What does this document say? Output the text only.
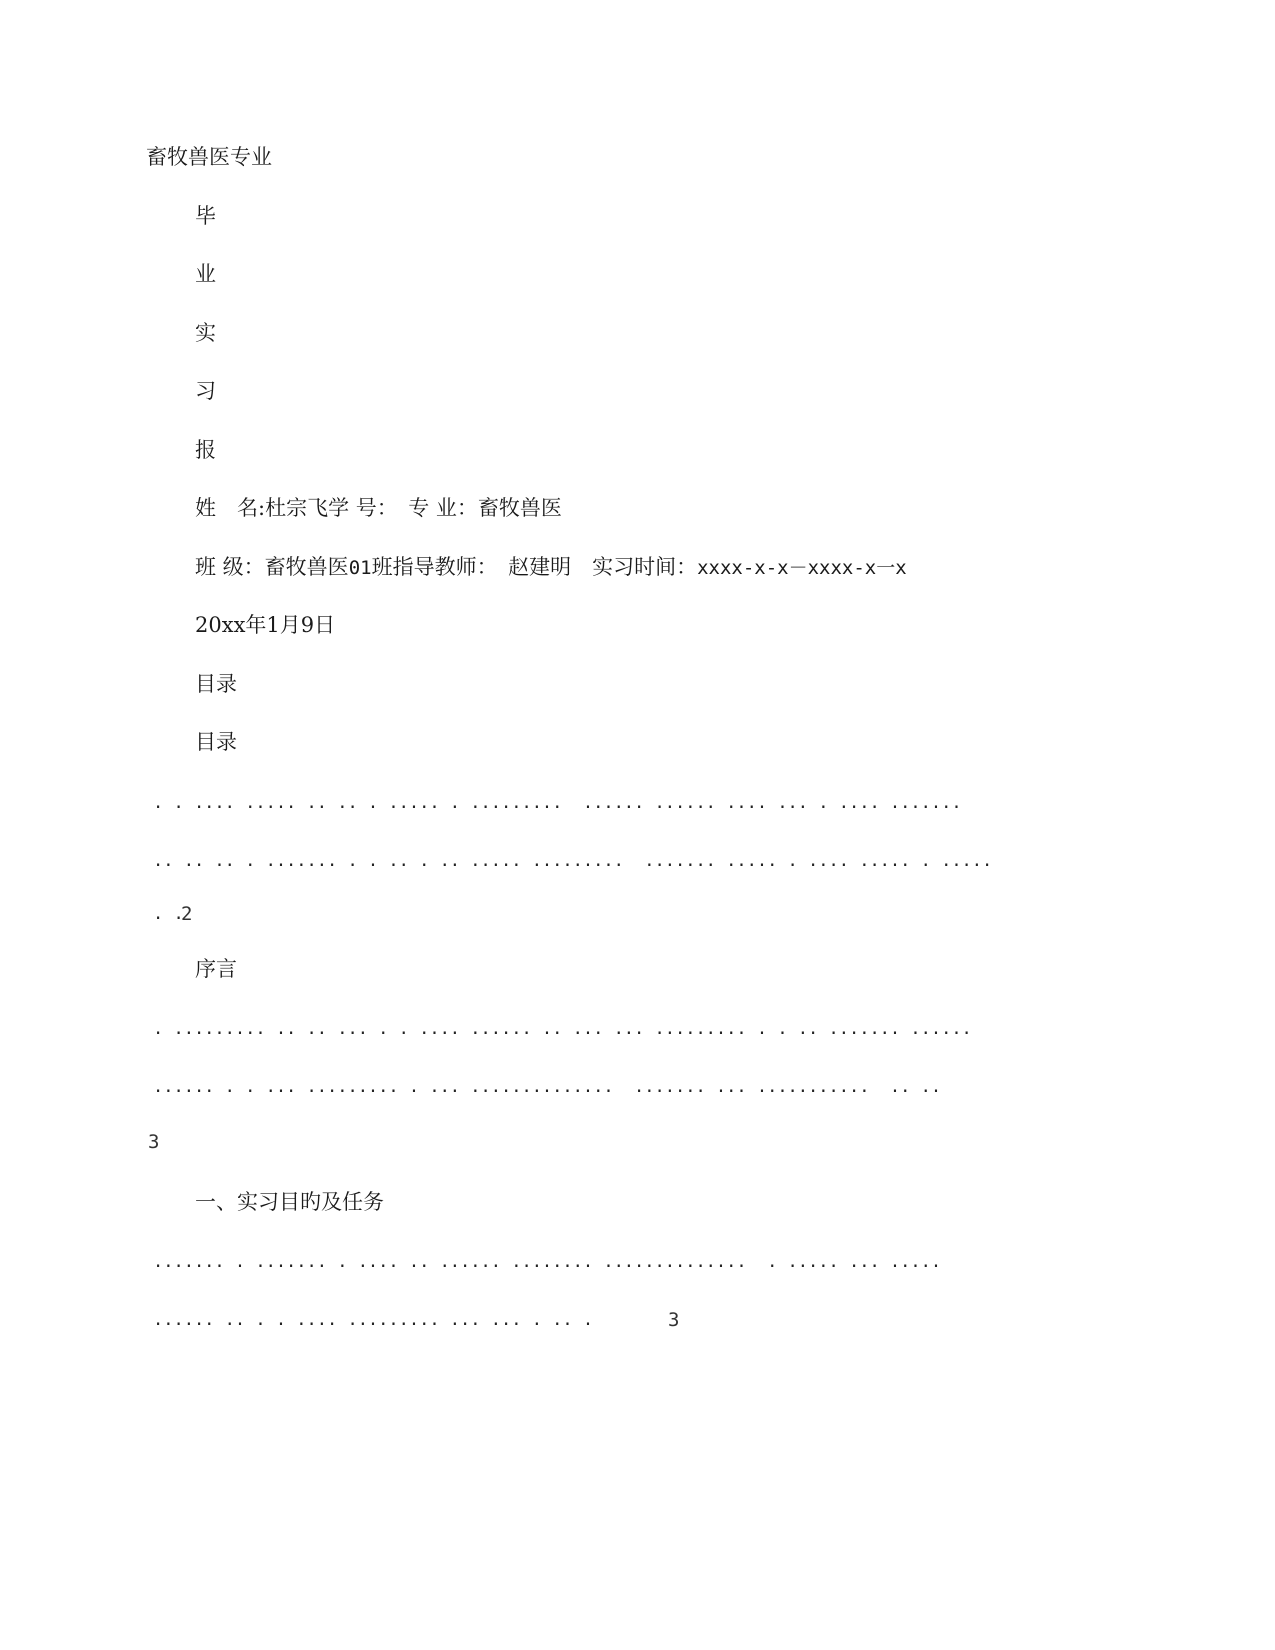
畜牧兽医专业
毕
业
实
习
报
姓　名:杜宗飞学 号：　专 业：畜牧兽医
班 级：畜牧兽医01班指导教师：　赵建明　实习时间：xxxx-x-x－xxxx-x一x
20xx年1月9日
目录
目录
. . .... ..... .. .. . ..... . .........  ...... ...... .... ... . .... .......
.. .. .. . ....... . . .. . .. ..... .........  ....... ..... . .... ..... . .....
. .
2
序言
. ......... .. .. ... . . .... ...... .. ... ... ......... . . .. ....... ......
...... . . ... ......... . ... ..............  ....... ... ...........  .. ..
3
一、实习目旳及任务
....... . ....... . .... .. ...... ........ ..............  . ..... ... .....
...... .. . . .... ......... ... ... . .. .	3
